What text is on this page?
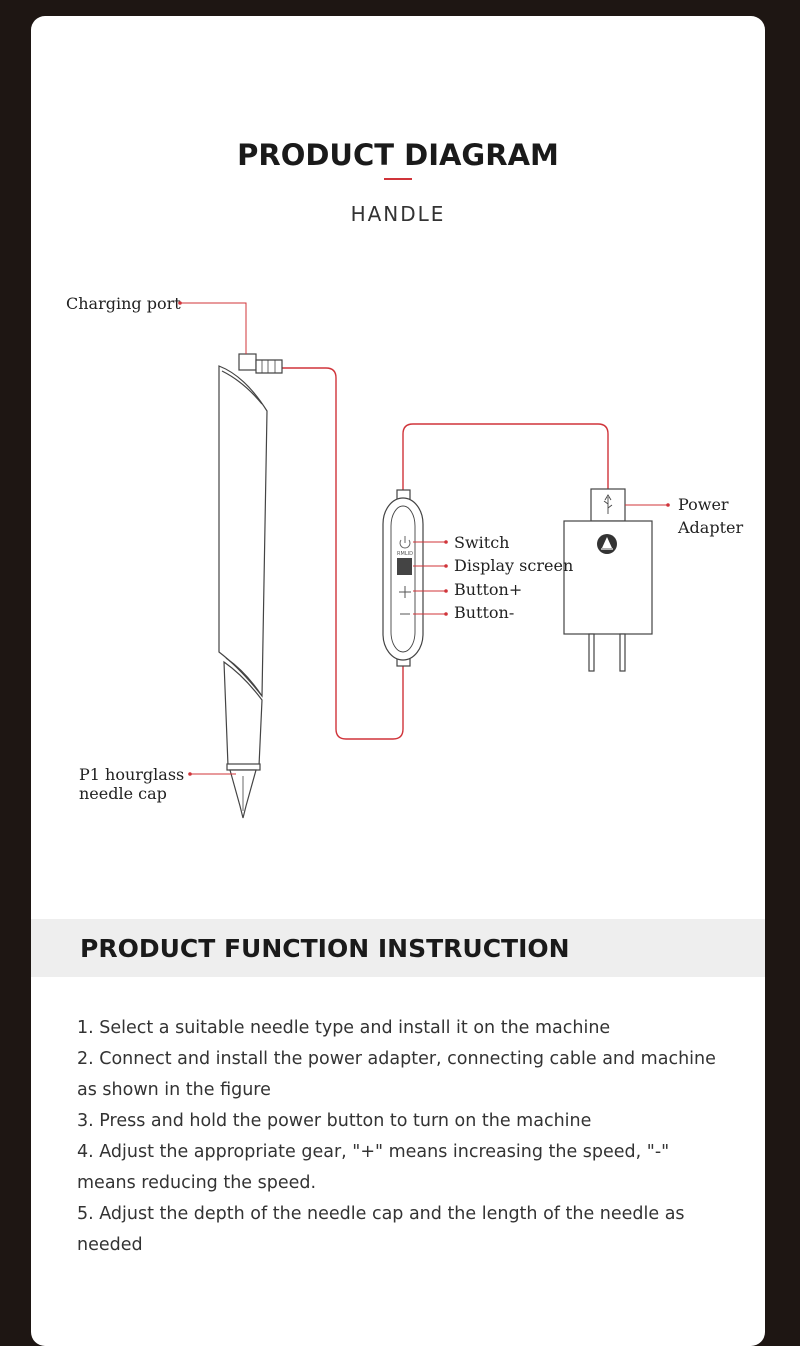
PRODUCT DIAGRAM
HANDLE
RMLID
Charging port
Power
Adapter
Switch
Display screen
Button+
Button-
P1 hourglass
needle cap
PRODUCT FUNCTION INSTRUCTION
1. Select a suitable needle type and install it on the machine
2. Connect and install the power adapter, connecting cable and machine as shown in the figure
3. Press and hold the power button to turn on the machine
4. Adjust the appropriate gear, "+" means increasing the speed, "-" means reducing the speed.
5. Adjust the depth of the needle cap and the length of the needle as needed
